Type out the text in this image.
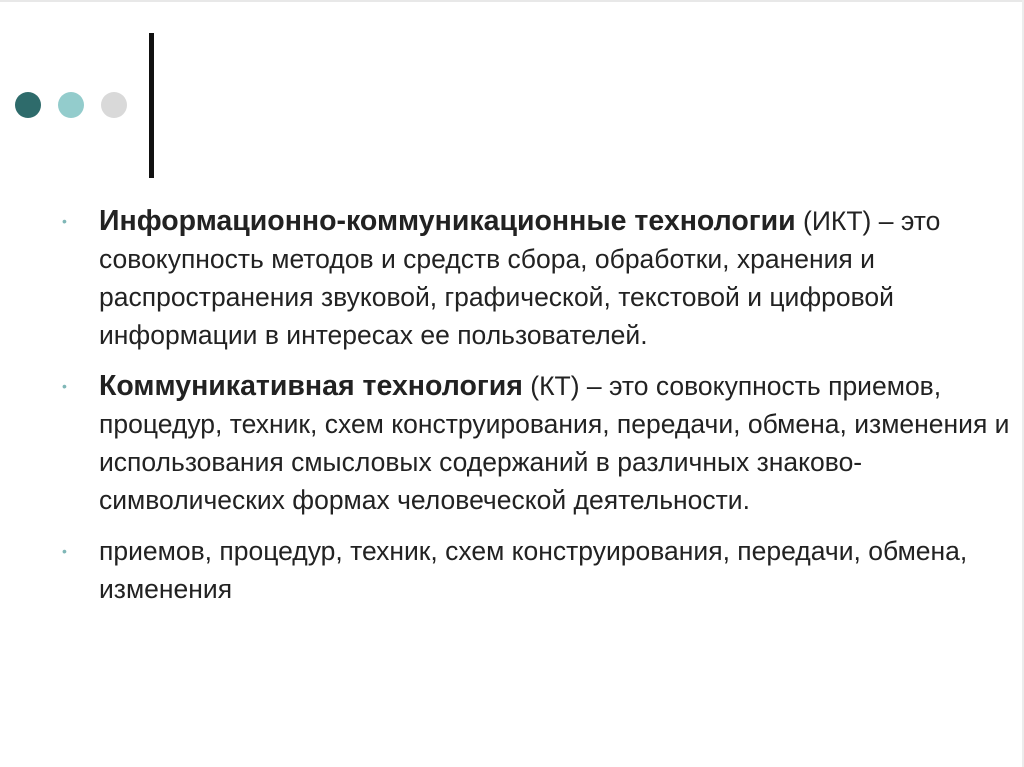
• Информационно-коммуникационные технологии (ИКТ) – это совокупность методов и средств сбора, обработки, хранения и распространения звуковой, графической, текстовой и цифровой информации в интересах ее пользователей.
• Коммуникативная технология (КТ) – это совокупность приемов, процедур, техник, схем конструирования, передачи, обмена, изменения и использования смысловых содержаний в различных знаково-символических формах человеческой деятельности.
• приемов, процедур, техник, схем конструирования, передачи, обмена, изменения
